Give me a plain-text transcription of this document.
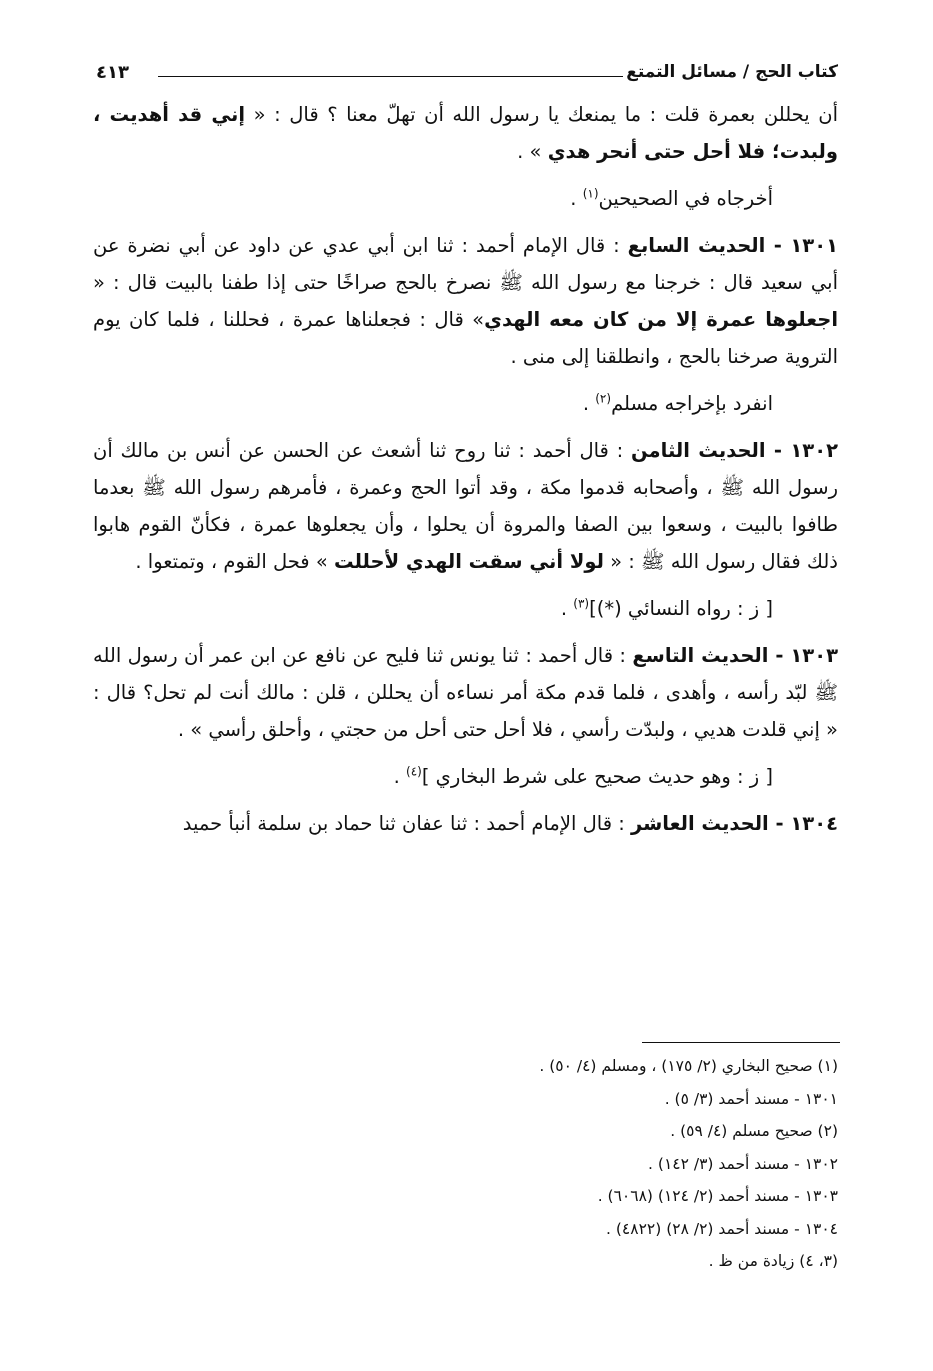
كتاب الحج / مسائل التمتع
٤١٣

أن يحللن بعمرة قلت : ما يمنعك يا رسول الله أن تهلّ معنا ؟ قال : « إني قد أهديت ، ولبدت؛ فلا أحل حتى أنحر هدي » .

أخرجاه في الصحيحين$^{(١)}$ .

١٣٠١ - الحديث السابع : قال الإمام أحمد : ثنا ابن أبي عدي عن داود عن أبي نضرة عن أبي سعيد قال : خرجنا مع رسول الله ﷺ نصرخ بالحج صراخًا حتى إذا طفنا بالبيت قال : « اجعلوها عمرة إلا من كان معه الهدي» قال : فجعلناها عمرة ، فحللنا ، فلما كان يوم التروية صرخنا بالحج ، وانطلقنا إلى منى .

انفرد بإخراجه مسلم$^{(٢)}$ .

١٣٠٢ - الحديث الثامن : قال أحمد : ثنا روح ثنا أشعث عن الحسن عن أنس بن مالك أن رسول الله ﷺ ، وأصحابه قدموا مكة ، وقد أتوا الحج وعمرة ، فأمرهم رسول الله ﷺ بعدما طافوا بالبيت ، وسعوا بين الصفا والمروة أن يحلوا ، وأن يجعلوها عمرة ، فكأنّ القوم هابوا ذلك فقال رسول الله ﷺ : « لولا أني سقت الهدي لأحللت » فحل القوم ، وتمتعوا .

[ ز : رواه النسائي (*)]$^{(٣)}$ .

١٣٠٣ - الحديث التاسع : قال أحمد : ثنا يونس ثنا فليح عن نافع عن ابن عمر أن رسول الله ﷺ لبّد رأسه ، وأهدى ، فلما قدم مكة أمر نساءه أن يحللن ، قلن : مالك أنت لم تحل؟ قال : « إني قلدت هديي ، ولبدّت رأسي ، فلا أحل حتى أحل من حجتي ، وأحلق رأسي » .

[ ز : وهو حديث صحيح على شرط البخاري ]$^{(٤)}$ .

١٣٠٤ - الحديث العاشر : قال الإمام أحمد : ثنا عفان ثنا حماد بن سلمة أنبأ حميد

(١) صحيح البخاري (٢/ ١٧٥) ، ومسلم (٤/ ٥٠) .
١٣٠١ - مسند أحمد (٣/ ٥) .
(٢) صحيح مسلم (٤/ ٥٩) .
١٣٠٢ - مسند أحمد (٣/ ١٤٢) .
١٣٠٣ - مسند أحمد (٢/ ١٢٤) (٦٠٦٨) .
١٣٠٤ - مسند أحمد (٢/ ٢٨) (٤٨٢٢) .
(٣، ٤) زيادة من ظ .
